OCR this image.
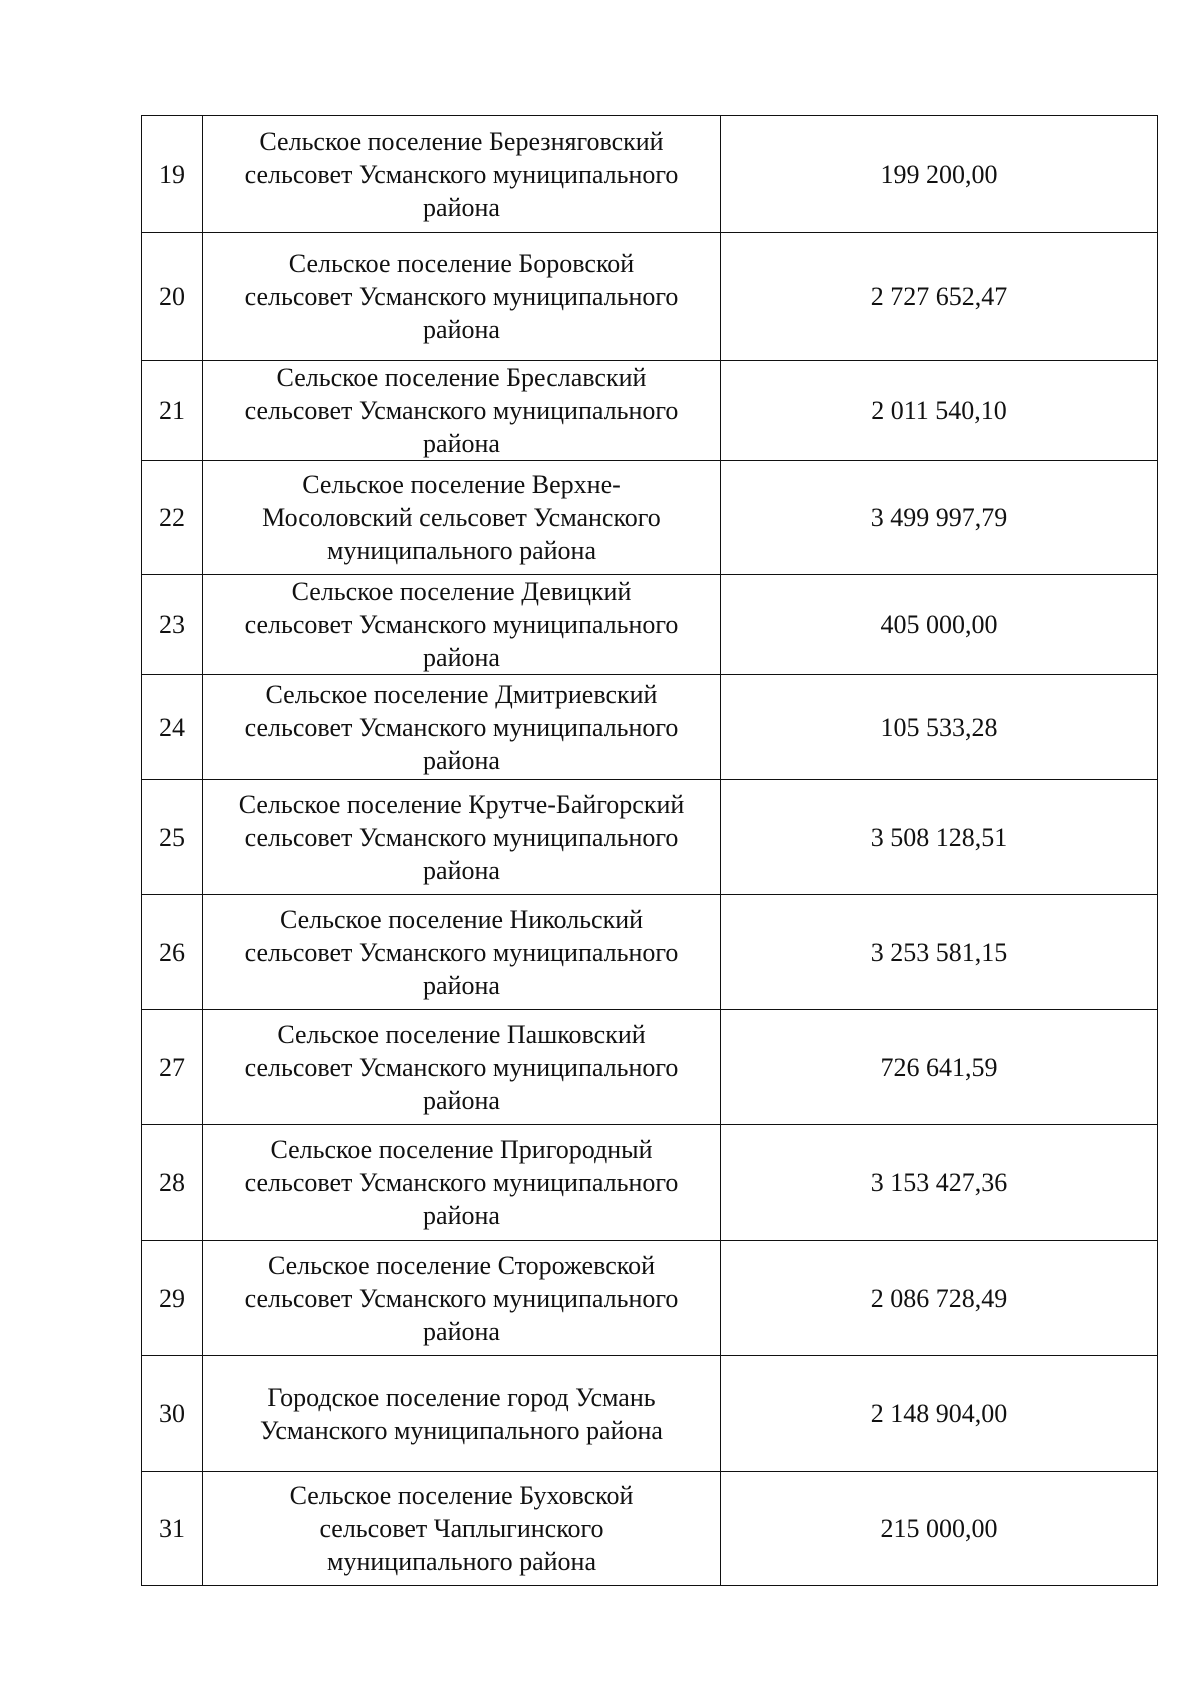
19	Сельское поселение Березняговский
сельсовет Усманского муниципального
района	199 200,00
20	Сельское поселение Боровской
сельсовет Усманского муниципального
района	2 727 652,47
21	Сельское поселение Бреславский
сельсовет Усманского муниципального
района	2 011 540,10
22	Сельское поселение Верхне-
Мосоловский сельсовет Усманского
муниципального района	3 499 997,79
23	Сельское поселение Девицкий
сельсовет Усманского муниципального
района	405 000,00
24	Сельское поселение Дмитриевский
сельсовет Усманского муниципального
района	105 533,28
25	Сельское поселение Крутче-Байгорский
сельсовет Усманского муниципального
района	3 508 128,51
26	Сельское поселение Никольский
сельсовет Усманского муниципального
района	3 253 581,15
27	Сельское поселение Пашковский
сельсовет Усманского муниципального
района	726 641,59
28	Сельское поселение Пригородный
сельсовет Усманского муниципального
района	3 153 427,36
29	Сельское поселение Сторожевской
сельсовет Усманского муниципального
района	2 086 728,49
30	Городское поселение город Усмань
Усманского муниципального района	2 148 904,00
31	Сельское поселение Буховской
сельсовет Чаплыгинского
муниципального района	215 000,00
